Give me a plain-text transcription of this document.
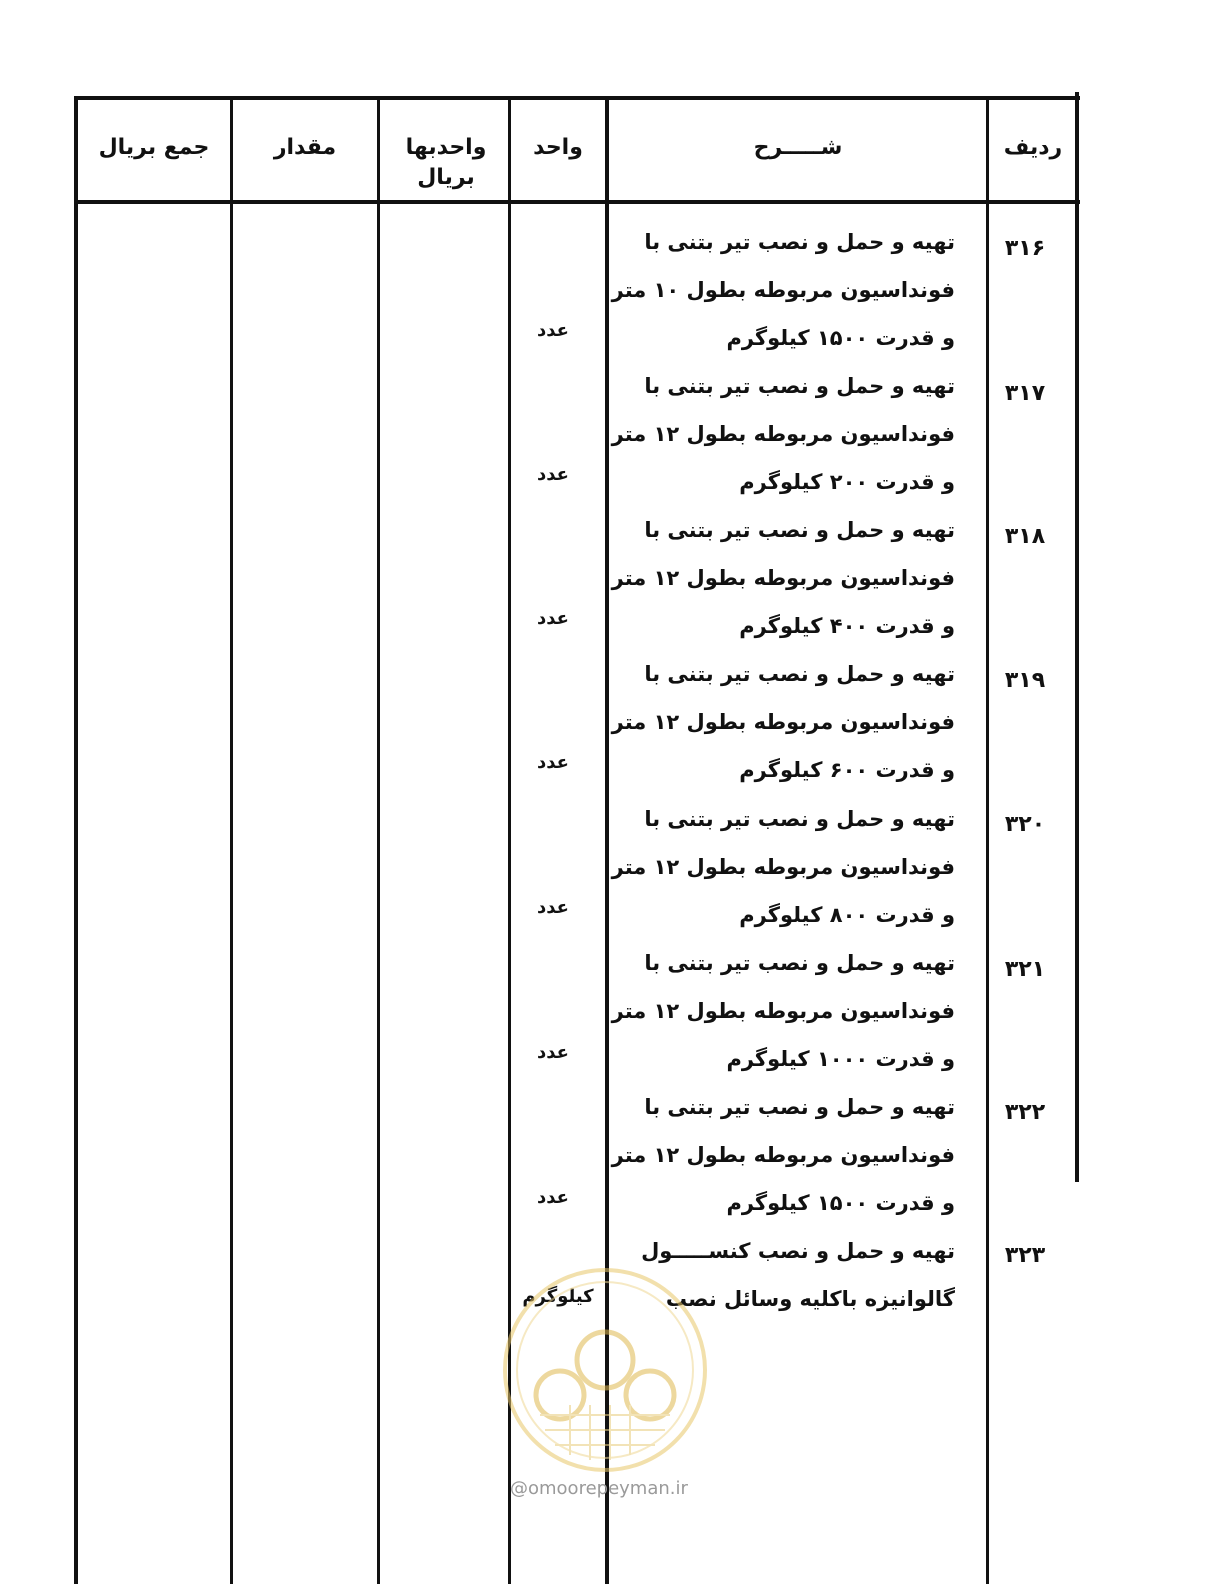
ردیف
شـــــرح
واحد
واحدبها بریال
مقدار
جمع بریال
۳۱۶
تهیه و حمل و نصب تیر بتنی با
فونداسیون مربوطه بطول ۱۰ متر
و قدرت ۱۵۰۰ کیلوگرم
عدد
۳۱۷
تهیه و حمل و نصب تیر بتنی با
فونداسیون مربوطه بطول ۱۲ متر
و قدرت ۲۰۰ کیلوگرم
عدد
۳۱۸
تهیه و حمل و نصب تیر بتنی با
فونداسیون مربوطه بطول ۱۲ متر
و قدرت ۴۰۰ کیلوگرم
عدد
۳۱۹
تهیه و حمل و نصب تیر بتنی با
فونداسیون مربوطه بطول ۱۲ متر
و قدرت ۶۰۰ کیلوگرم
عدد
۳۲۰
تهیه و حمل و نصب تیر بتنی با
فونداسیون مربوطه بطول ۱۲ متر
و قدرت ۸۰۰ کیلوگرم
عدد
۳۲۱
تهیه و حمل و نصب تیر بتنی با
فونداسیون مربوطه بطول ۱۲ متر
و قدرت ۱۰۰۰ کیلوگرم
عدد
۳۲۲
تهیه و حمل و نصب تیر بتنی با
فونداسیون مربوطه بطول ۱۲ متر
و قدرت ۱۵۰۰ کیلوگرم
عدد
۳۲۳
تهیه و حمل و نصب کنســـــول
گالوانیزه باکلیه وسائل نصب
کیلوگرم
@omoorepeyman.ir
